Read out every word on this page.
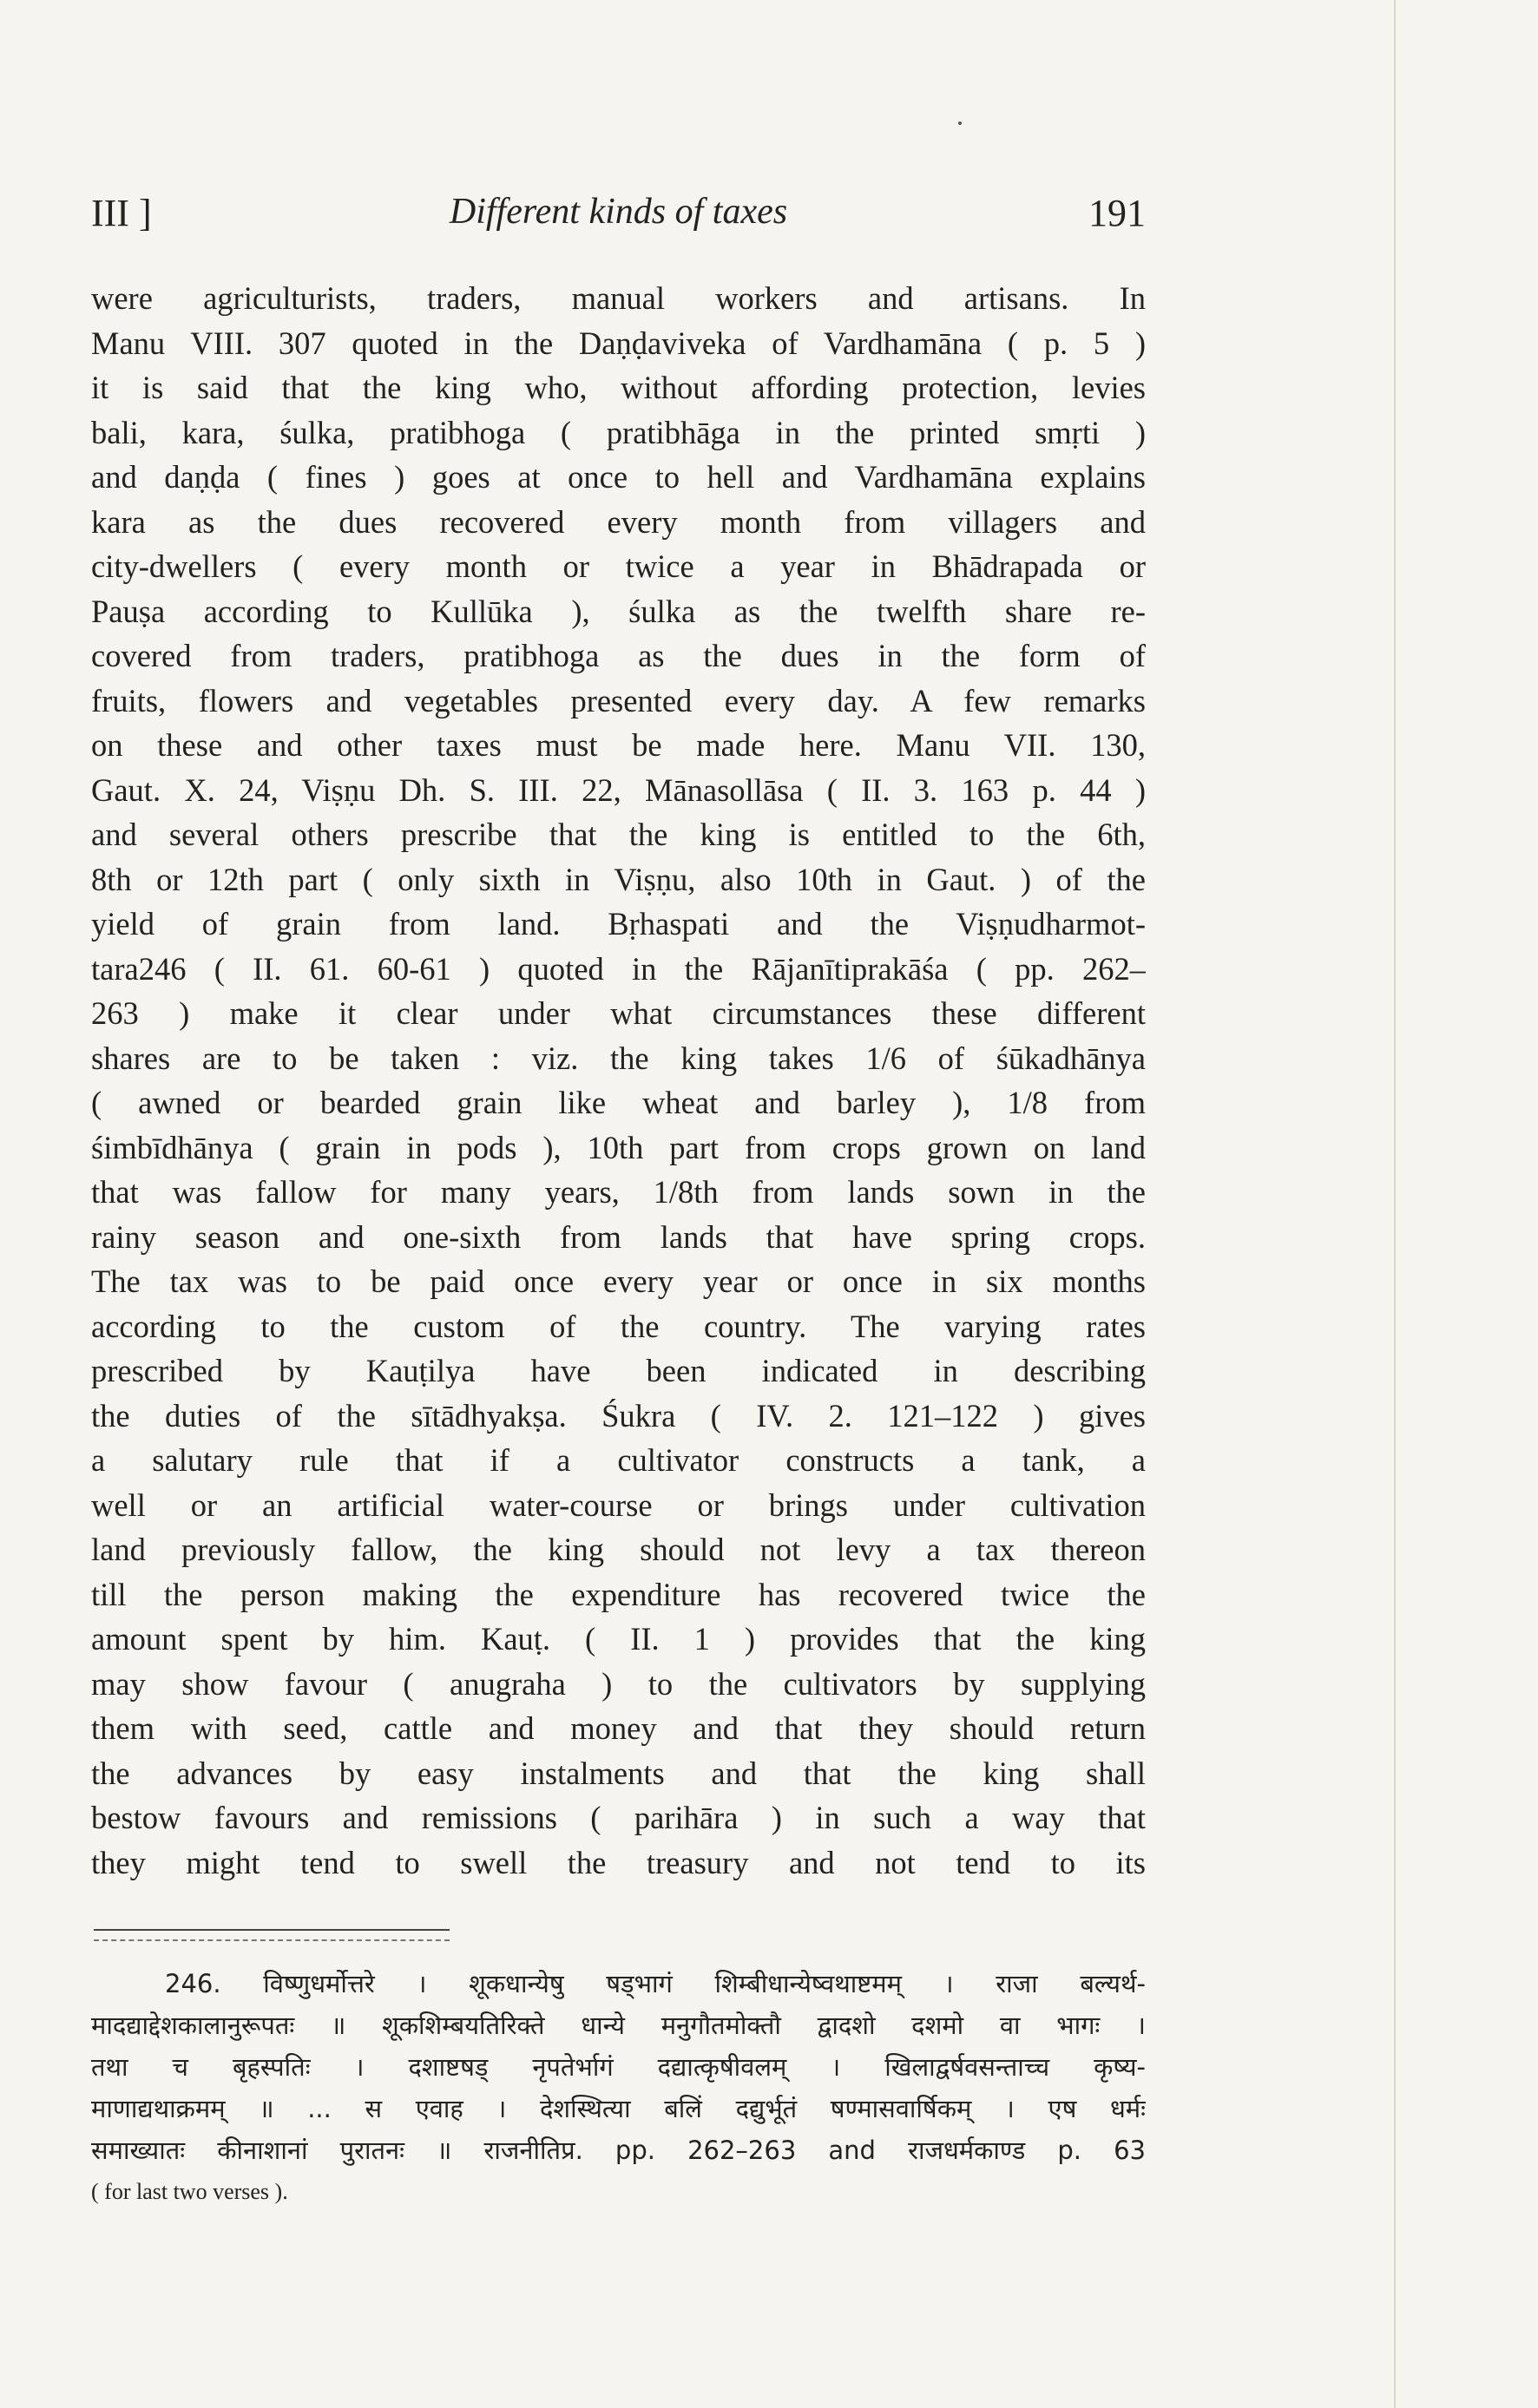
III ]	Different kinds of taxes	191
were agriculturists, traders, manual workers and artisans. In
Manu VIII. 307 quoted in the Daṇḍaviveka of Vardhamāna ( p. 5 )
it is said that the king who, without affording protection, levies
bali, kara, śulka, pratibhoga ( pratibhāga in the printed smṛti )
and daṇḍa ( fines ) goes at once to hell and Vardhamāna explains
kara as the dues recovered every month from villagers and
city-dwellers ( every month or twice a year in Bhādrapada or
Pauṣa according to Kullūka ), śulka as the twelfth share re-
covered from traders, pratibhoga as the dues in the form of
fruits, flowers and vegetables presented every day. A few remarks
on these and other taxes must be made here. Manu VII. 130,
Gaut. X. 24, Viṣṇu Dh. S. III. 22, Mānasollāsa ( II. 3. 163 p. 44 )
and several others prescribe that the king is entitled to the 6th,
8th or 12th part ( only sixth in Viṣṇu, also 10th in Gaut. ) of the
yield of grain from land. Bṛhaspati and the Viṣṇudharmot-
tara246 ( II. 61. 60-61 ) quoted in the Rājanītiprakāśa ( pp. 262–
263 ) make it clear under what circumstances these different
shares are to be taken : viz. the king takes 1/6 of śūkadhānya
( awned or bearded grain like wheat and barley ), 1/8 from
śimbīdhānya ( grain in pods ), 10th part from crops grown on land
that was fallow for many years, 1/8th from lands sown in the
rainy season and one-sixth from lands that have spring crops.
The tax was to be paid once every year or once in six months
according to the custom of the country. The varying rates
prescribed by Kauṭilya have been indicated in describing
the duties of the sītādhyakṣa. Śukra ( IV. 2. 121–122 ) gives
a salutary rule that if a cultivator constructs a tank, a
well or an artificial water-course or brings under cultivation
land previously fallow, the king should not levy a tax thereon
till the person making the expenditure has recovered twice the
amount spent by him. Kauṭ. ( II. 1 ) provides that the king
may show favour ( anugraha ) to the cultivators by supplying
them with seed, cattle and money and that they should return
the advances by easy instalments and that the king shall
bestow favours and remissions ( parihāra ) in such a way that
they might tend to swell the treasury and not tend to its
246. विष्णुधर्मोत्तरे । शूकधान्येषु षड्भागं शिम्बीधान्येष्वथाष्टमम् । राजा बल्यर्थ-
मादद्याद्देशकालानुरूपतः ॥ शूकशिम्बयतिरिक्ते धान्ये मनुगौतमोक्तौ द्वादशो दशमो वा भागः ।
तथा च बृहस्पतिः । दशाष्टषड् नृपतेर्भागं दद्यात्कृषीवलम् । खिलाद्वर्षवसन्ताच्च कृष्य-
माणाद्यथाक्रमम् ॥ ... स एवाह । देशस्थित्या बलिं दद्युर्भूतं षण्मासवार्षिकम् । एष धर्मः
समाख्यातः कीनाशानां पुरातनः ॥ राजनीतिप्र. pp. 262–263 and राजधर्मकाण्ड p. 63
( for last two verses ).
